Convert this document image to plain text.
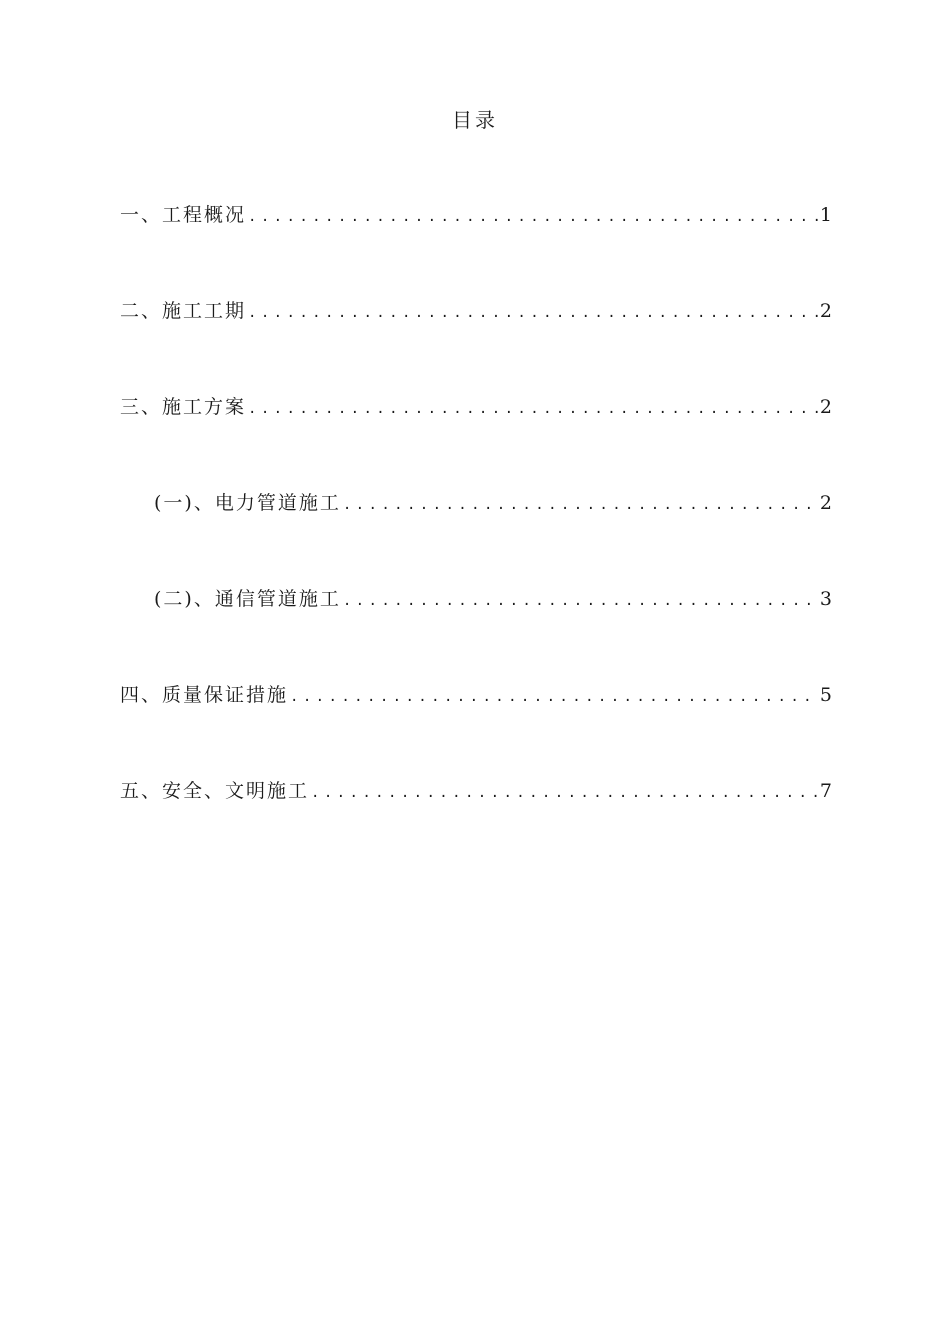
目录
一、工程概况 .....	1
二、施工工期 .....	2
三、施工方案 .....	2
(一)、电力管道施工 .....	2
(二)、通信管道施工 .....	3
四、质量保证措施 .....	5
五、安全、文明施工 .....	7
